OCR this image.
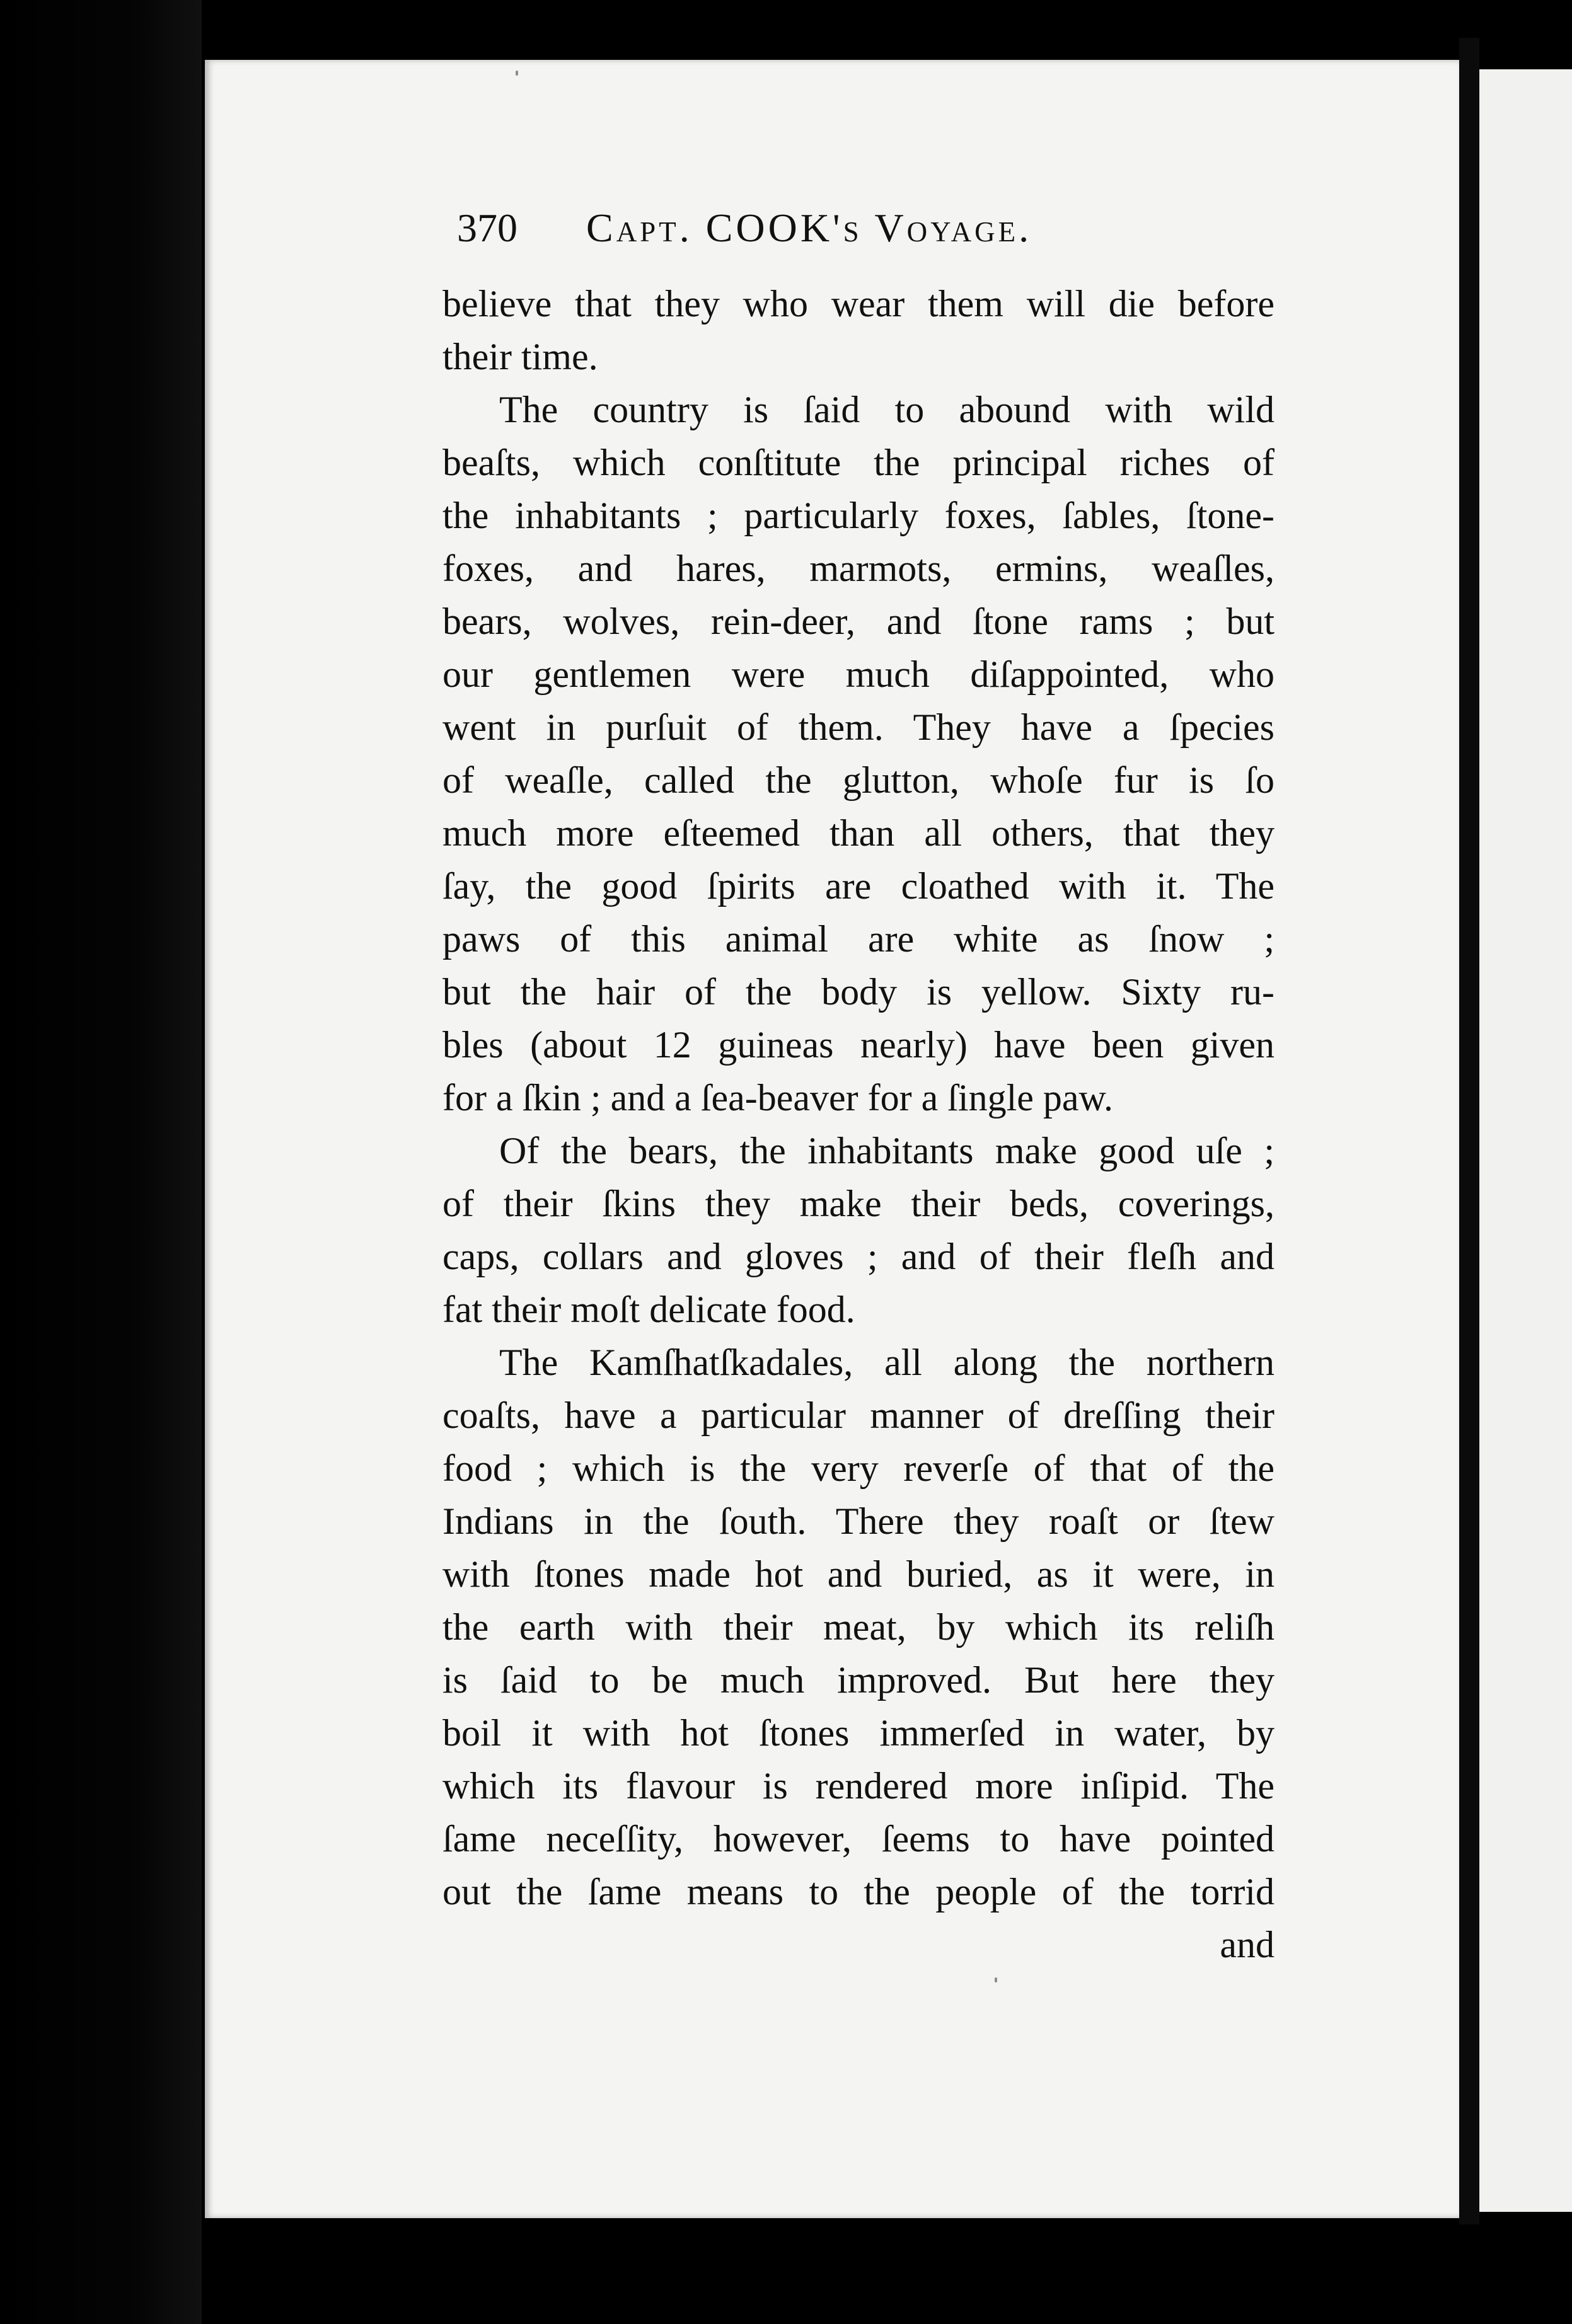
370 Capt. COOK's Voyage.
believe that they who wear them will die before
their time.
The country is ſaid to abound with wild
beaſts, which conſtitute the principal riches of
the inhabitants ; particularly foxes, ſables, ſtone-
foxes, and hares, marmots, ermins, weaſles,
bears, wolves, rein-deer, and ſtone rams ; but
our gentlemen were much diſappointed, who
went in purſuit of them. They have a ſpecies
of weaſle, called the glutton, whoſe fur is ſo
much more eſteemed than all others, that they
ſay, the good ſpirits are cloathed with it. The
paws of this animal are white as ſnow ;
but the hair of the body is yellow. Sixty ru-
bles (about 12 guineas nearly) have been given
for a ſkin ; and a ſea-beaver for a ſingle paw.
Of the bears, the inhabitants make good uſe ;
of their ſkins they make their beds, coverings,
caps, collars and gloves ; and of their fleſh and
fat their moſt delicate food.
The Kamſhatſkadales, all along the northern
coaſts, have a particular manner of dreſſing their
food ; which is the very reverſe of that of the
Indians in the ſouth. There they roaſt or ſtew
with ſtones made hot and buried, as it were, in
the earth with their meat, by which its reliſh
is ſaid to be much improved. But here they
boil it with hot ſtones immerſed in water, by
which its flavour is rendered more inſipid. The
ſame neceſſity, however, ſeems to have pointed
out the ſame means to the people of the torrid
and
